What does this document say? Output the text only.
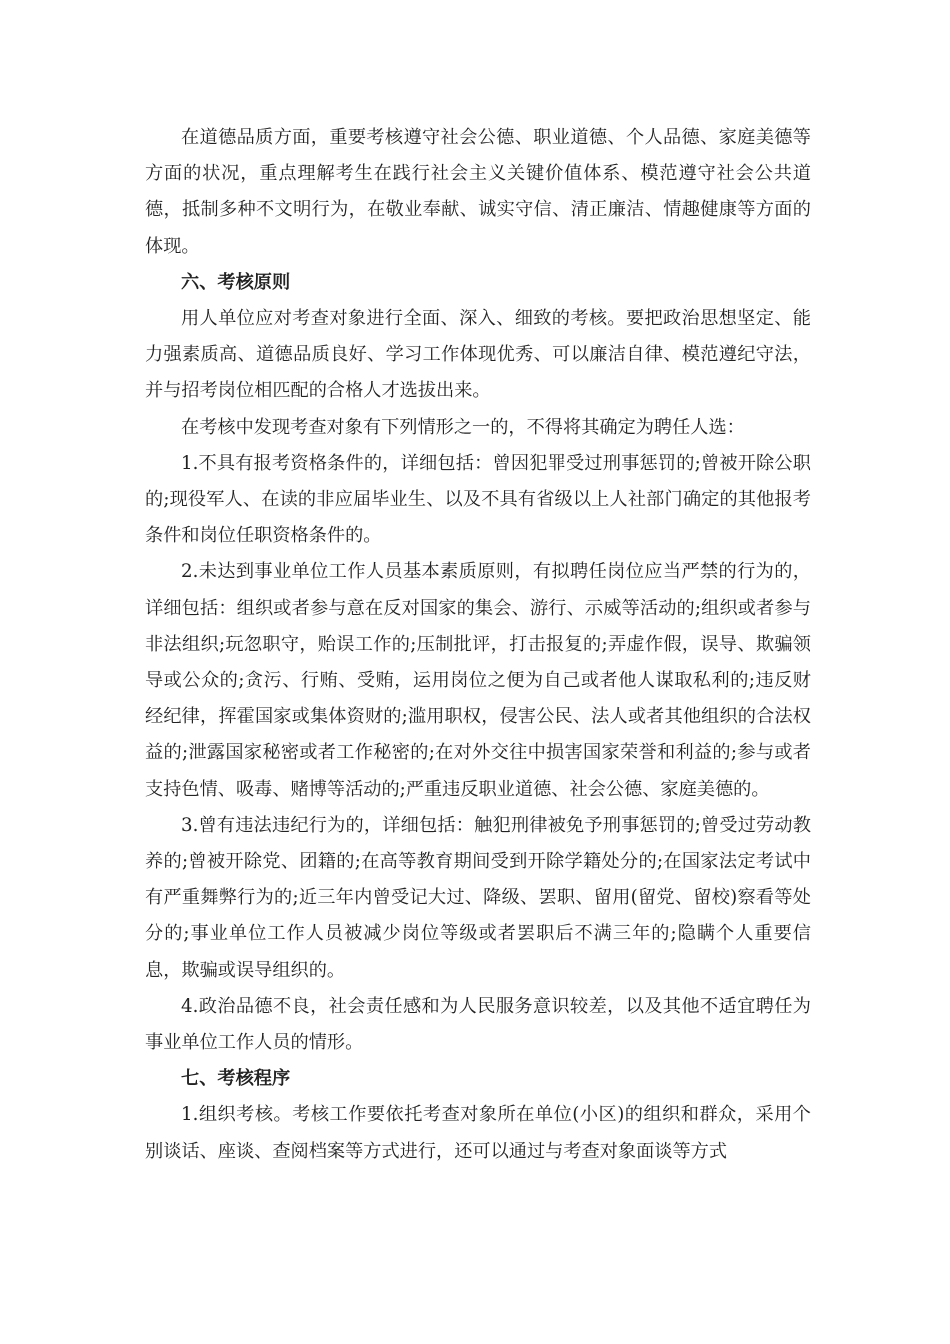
在道德品质方面，重要考核遵守社会公德、职业道德、个人品德、家庭美德等方面的状况，重点理解考生在践行社会主义关键价值体系、模范遵守社会公共道德，抵制多种不文明行为，在敬业奉献、诚实守信、清正廉洁、情趣健康等方面的体现。

六、考核原则

用人单位应对考查对象进行全面、深入、细致的考核。要把政治思想坚定、能力强素质高、道德品质良好、学习工作体现优秀、可以廉洁自律、模范遵纪守法，并与招考岗位相匹配的合格人才选拔出来。

在考核中发现考查对象有下列情形之一的，不得将其确定为聘任人选：

1.不具有报考资格条件的，详细包括：曾因犯罪受过刑事惩罚的;曾被开除公职的;现役军人、在读的非应届毕业生、以及不具有省级以上人社部门确定的其他报考条件和岗位任职资格条件的。

2.未达到事业单位工作人员基本素质原则，有拟聘任岗位应当严禁的行为的，详细包括：组织或者参与意在反对国家的集会、游行、示威等活动的;组织或者参与非法组织;玩忽职守，贻误工作的;压制批评，打击报复的;弄虚作假，误导、欺骗领导或公众的;贪污、行贿、受贿，运用岗位之便为自己或者他人谋取私利的;违反财经纪律，挥霍国家或集体资财的;滥用职权，侵害公民、法人或者其他组织的合法权益的;泄露国家秘密或者工作秘密的;在对外交往中损害国家荣誉和利益的;参与或者支持色情、吸毒、赌博等活动的;严重违反职业道德、社会公德、家庭美德的。

3.曾有违法违纪行为的，详细包括：触犯刑律被免予刑事惩罚的;曾受过劳动教养的;曾被开除党、团籍的;在高等教育期间受到开除学籍处分的;在国家法定考试中有严重舞弊行为的;近三年内曾受记大过、降级、罢职、留用(留党、留校)察看等处分的;事业单位工作人员被减少岗位等级或者罢职后不满三年的;隐瞒个人重要信息，欺骗或误导组织的。

4.政治品德不良，社会责任感和为人民服务意识较差，以及其他不适宜聘任为事业单位工作人员的情形。

七、考核程序

1.组织考核。考核工作要依托考查对象所在单位(小区)的组织和群众，采用个别谈话、座谈、查阅档案等方式进行，还可以通过与考查对象面谈等方式
